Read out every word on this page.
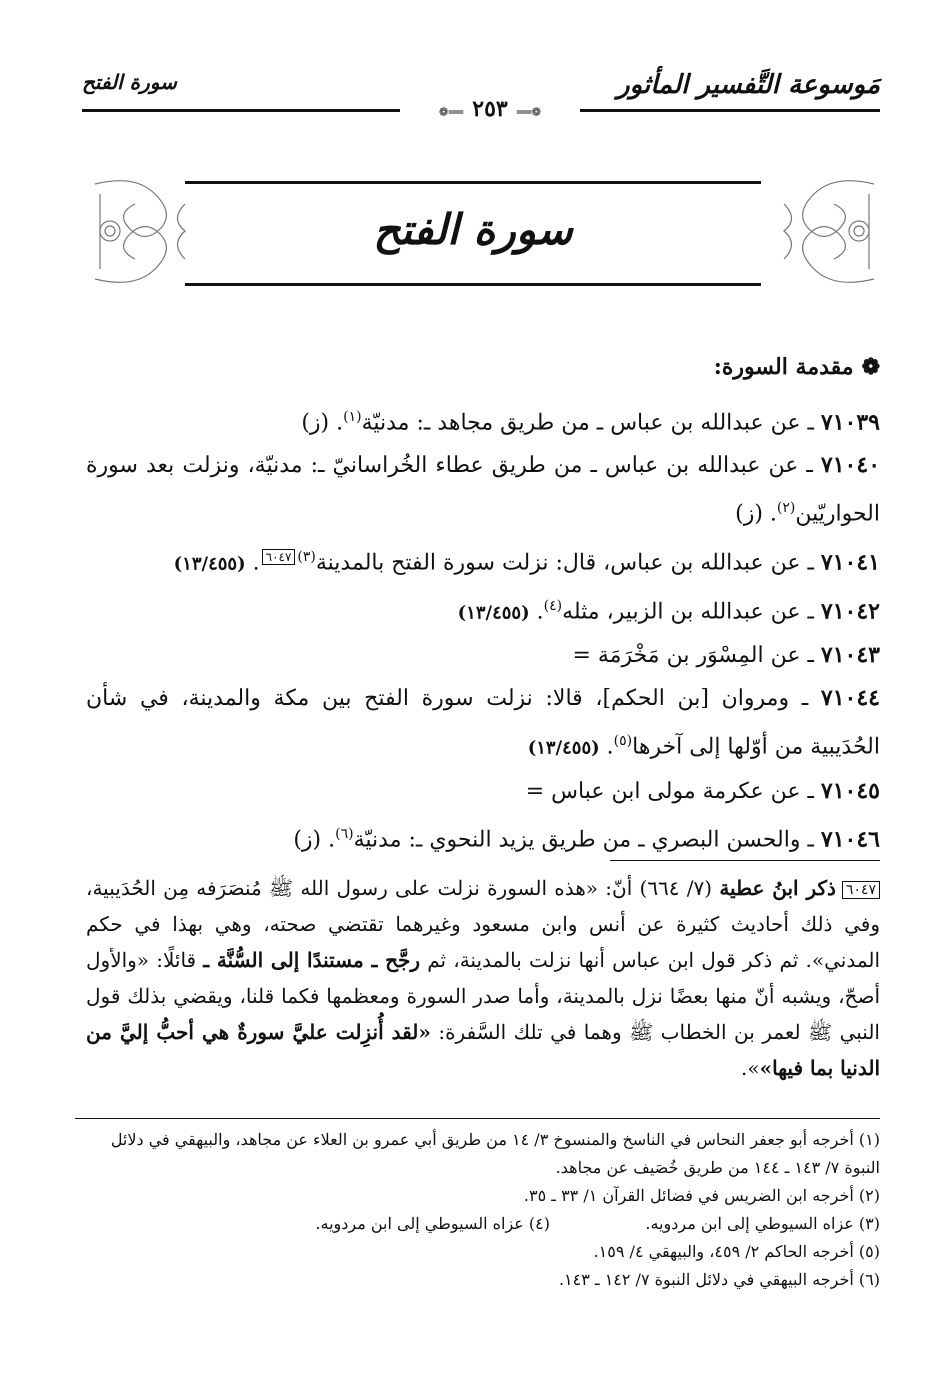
مَوسوعة التَّفسير المأثور
سورة الفتح
❁══ ٢٥٣ ══❁
سورة الفتح
❁مقدمة السورة:
٧١٠٣٩ ـ عن عبدالله بن عباس ـ من طريق مجاهد ـ: مدنيّة$^{(١)}$. (ز)
٧١٠٤٠ ـ عن عبدالله بن عباس ـ من طريق عطاء الخُراسانيّ ـ: مدنيّة، ونزلت بعد سورة الحواريّين$^{(٢)}$. (ز)
٧١٠٤١ ـ عن عبدالله بن عباس، قال: نزلت سورة الفتح بالمدينة$^{(٣)}$٦٠٤٧. (١٣/٤٥٥)
٧١٠٤٢ ـ عن عبدالله بن الزبير، مثله$^{(٤)}$. (١٣/٤٥٥)
٧١٠٤٣ ـ عن المِسْوَر بن مَخْرَمَة =
٧١٠٤٤ ـ ومروان [بن الحكم]، قالا: نزلت سورة الفتح بين مكة والمدينة، في شأن الحُدَيبية من أوّلها إلى آخرها$^{(٥)}$. (١٣/٤٥٥)
٧١٠٤٥ ـ عن عكرمة مولى ابن عباس =
٧١٠٤٦ ـ والحسن البصري ـ من طريق يزيد النحوي ـ: مدنيّة$^{(٦)}$. (ز)
٦٠٤٧ذكر ابنُ عطية (٧/ ٦٦٤) أنّ: «هذه السورة نزلت على رسول الله ﷺ مُنصَرَفه مِن الحُدَيبية، وفي ذلك أحاديث كثيرة عن أنس وابن مسعود وغيرهما تقتضي صحته، وهي بهذا في حكم المدني». ثم ذكر قول ابن عباس أنها نزلت بالمدينة، ثم رجَّح ـ مستندًا إلى السُّنَّة ـ قائلًا: «والأول أصحّ، ويشبه أنّ منها بعضًا نزل بالمدينة، وأما صدر السورة ومعظمها فكما قلنا، ويقضي بذلك قول النبي ﷺ لعمر بن الخطاب ﷺ وهما في تلك السَّفرة: «لقد أُنزِلت عليَّ سورةٌ هي أحبُّ إليَّ من الدنيا بما فيها»».
(١) أخرجه أبو جعفر النحاس في الناسخ والمنسوخ ٣/ ١٤ من طريق أبي عمرو بن العلاء عن مجاهد، والبيهقي في دلائل النبوة ٧/ ١٤٣ ـ ١٤٤ من طريق خُصَيف عن مجاهد.
(٢) أخرجه ابن الضريس في فضائل القرآن ١/ ٣٣ ـ ٣٥.
(٣) عزاه السيوطي إلى ابن مردويه.
(٤) عزاه السيوطي إلى ابن مردويه.
(٥) أخرجه الحاكم ٢/ ٤٥٩، والبيهقي ٤/ ١٥٩.
(٦) أخرجه البيهقي في دلائل النبوة ٧/ ١٤٢ ـ ١٤٣.
